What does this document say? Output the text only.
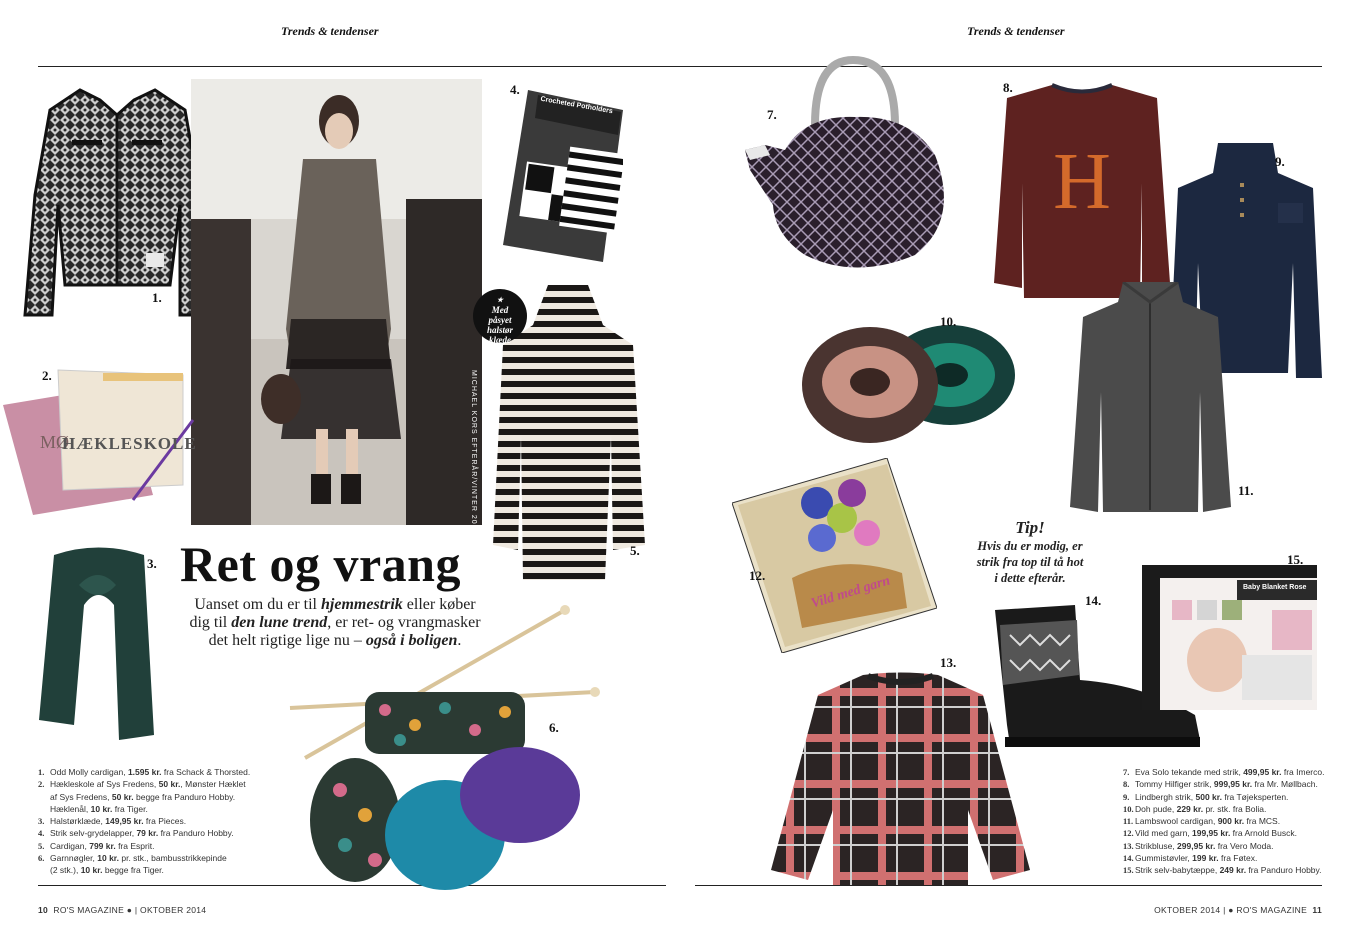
Trends & tendenser	Trends & tendenser
1.
MICHAEL KORS EFTERÅR/VINTER 2014
MØ
HÆKLESKOLE
2.
3.
Crocheted Potholders
4.
★
Med
påsyet
halstør
klæde
5.
Ret og vrang
Uanset om du er til hjemmestrik eller køber
dig til den lune trend, er ret- og vrangmasker
det helt rigtige lige nu – også i boligen.
6.
1. Odd Molly cardigan, 1.595 kr. fra Schack & Thorsted.
2. Hækleskole af Sys Fredens, 50 kr., Mønster Hæklet
af Sys Fredens, 50 kr. begge fra Panduro Hobby.
Hæklenål, 10 kr. fra Tiger.
3. Halstørklæde, 149,95 kr. fra Pieces.
4. Strik selv-grydelapper, 79 kr. fra Panduro Hobby.
5. Cardigan, 799 kr. fra Esprit.
6. Garnnøgler, 10 kr. pr. stk., bambusstrikkepinde
(2 stk.), 10 kr. begge fra Tiger.
10 RO'S MAGAZINE ● | OKTOBER 2014
7.
H
8.
9.
10.
11.
Vild med garn
12.
Tip!
Hvis du er modig, er
strik fra top til tå hot
i dette efterår.
13.
14.
Baby Blanket Rose
15.
7. Eva Solo tekande med strik, 499,95 kr. fra Imerco.
8. Tommy Hilfiger strik, 999,95 kr. fra Mr. Møllbach.
9. Lindbergh strik, 500 kr. fra Tøjeksperten.
10.Doh pude, 229 kr. pr. stk. fra Bolia.
11. Lambswool cardigan, 900 kr. fra MCS.
12.Vild med garn, 199,95 kr. fra Arnold Busck.
13.Strikbluse, 299,95 kr. fra Vero Moda.
14.Gummistøvler, 199 kr. fra Føtex.
15.Strik selv-babytæppe, 249 kr. fra Panduro Hobby.
OKTOBER 2014 | ● RO'S MAGAZINE 11
